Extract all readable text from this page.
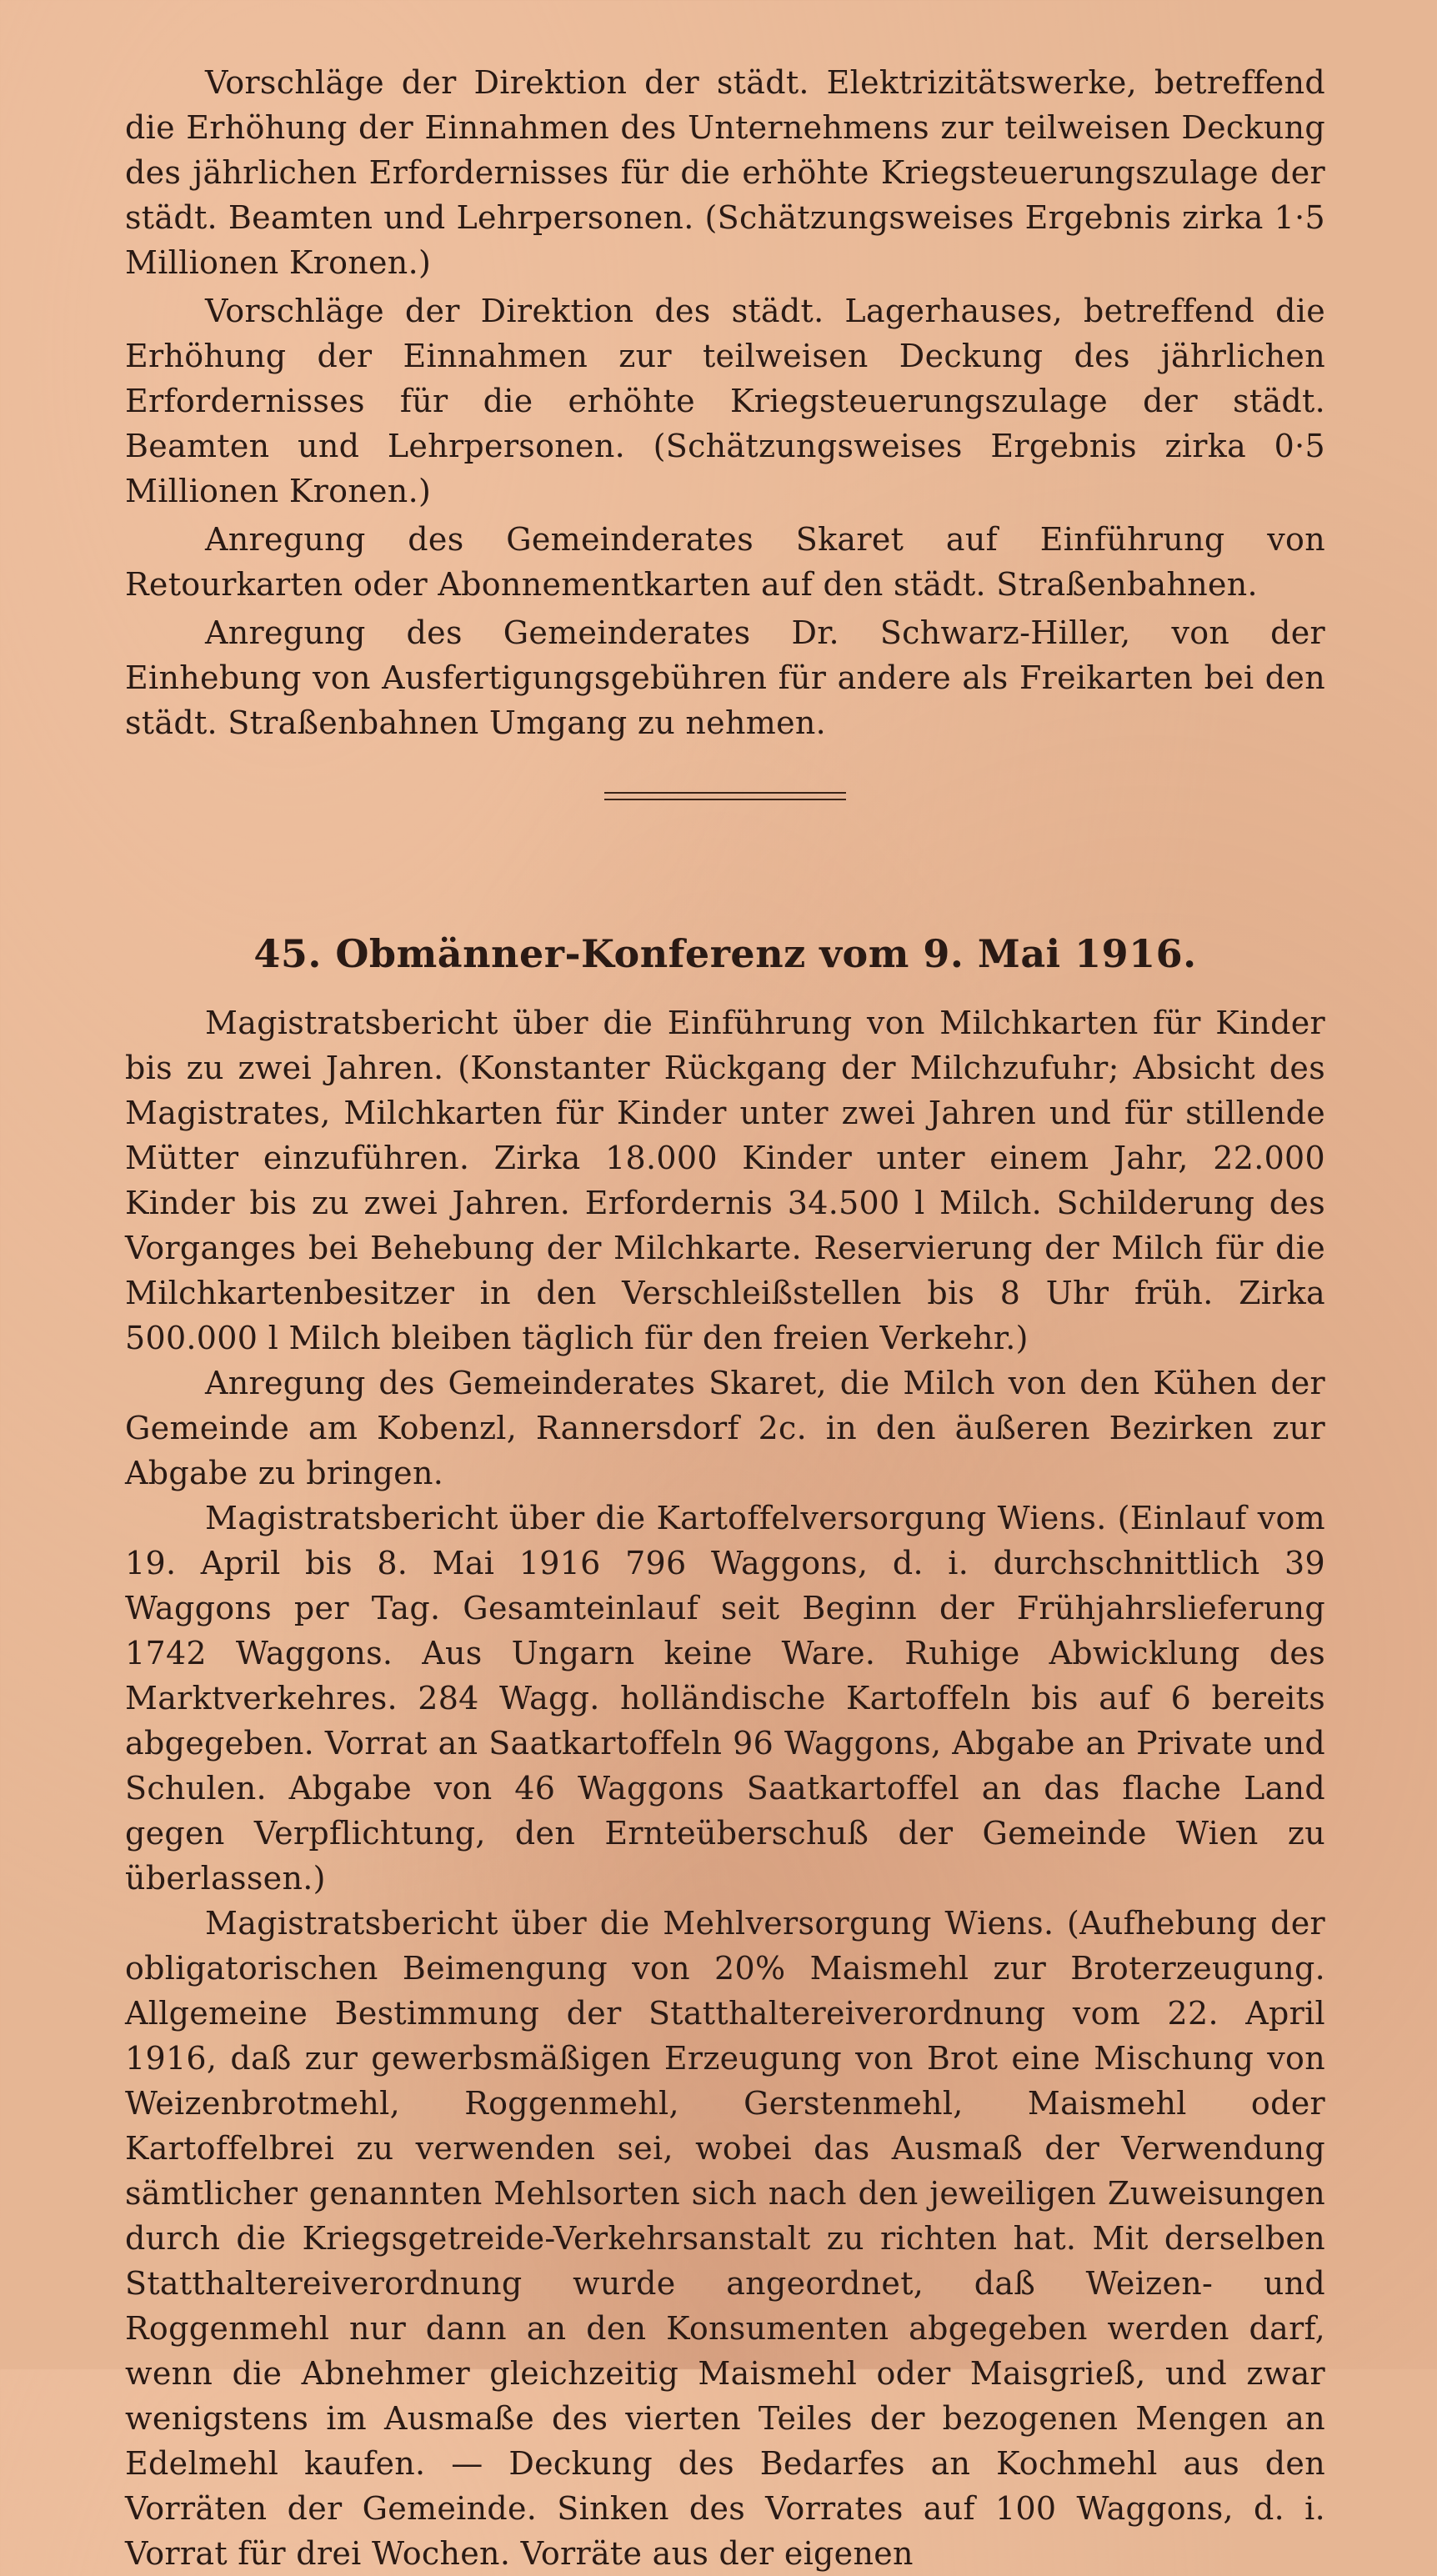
Vorschläge der Direktion der städt. Elektrizitätswerke, betreffend die Erhöhung der Einnahmen des Unternehmens zur teilweisen Deckung des jährlichen Erfordernisses für die erhöhte Kriegsteuerungszulage der städt. Beamten und Lehrpersonen. (Schätzungsweises Ergebnis zirka 1·5 Millionen Kronen.)

Vorschläge der Direktion des städt. Lagerhauses, betreffend die Erhöhung der Einnahmen zur teilweisen Deckung des jährlichen Erfordernisses für die erhöhte Kriegsteuerungszulage der städt. Beamten und Lehrpersonen. (Schätzungsweises Ergebnis zirka 0·5 Millionen Kronen.)

Anregung des Gemeinderates Skaret auf Einführung von Retourkarten oder Abonnementkarten auf den städt. Straßenbahnen.

Anregung des Gemeinderates Dr. Schwarz-Hiller, von der Einhebung von Ausfertigungsgebühren für andere als Freikarten bei den städt. Straßenbahnen Umgang zu nehmen.

45. Obmänner-Konferenz vom 9. Mai 1916.

Magistratsbericht über die Einführung von Milchkarten für Kinder bis zu zwei Jahren. (Konstanter Rückgang der Milchzufuhr; Absicht des Magistrates, Milchkarten für Kinder unter zwei Jahren und für stillende Mütter einzuführen. Zirka 18.000 Kinder unter einem Jahr, 22.000 Kinder bis zu zwei Jahren. Erfordernis 34.500 l Milch. Schilderung des Vorganges bei Behebung der Milchkarte. Reservierung der Milch für die Milchkartenbesitzer in den Verschleißstellen bis 8 Uhr früh. Zirka 500.000 l Milch bleiben täglich für den freien Verkehr.)

Anregung des Gemeinderates Skaret, die Milch von den Kühen der Gemeinde am Kobenzl, Rannersdorf 2c. in den äußeren Bezirken zur Abgabe zu bringen.

Magistratsbericht über die Kartoffelversorgung Wiens. (Einlauf vom 19. April bis 8. Mai 1916 796 Waggons, d. i. durchschnittlich 39 Waggons per Tag. Gesamteinlauf seit Beginn der Frühjahrslieferung 1742 Waggons. Aus Ungarn keine Ware. Ruhige Abwicklung des Marktverkehres. 284 Wagg. holländische Kartoffeln bis auf 6 bereits abgegeben. Vorrat an Saatkartoffeln 96 Waggons, Abgabe an Private und Schulen. Abgabe von 46 Waggons Saatkartoffel an das flache Land gegen Verpflichtung, den Ernteüberschuß der Gemeinde Wien zu überlassen.)

Magistratsbericht über die Mehlversorgung Wiens. (Aufhebung der obligatorischen Beimengung von 20% Maismehl zur Broterzeugung. Allgemeine Bestimmung der Statthaltereiverordnung vom 22. April 1916, daß zur gewerbsmäßigen Erzeugung von Brot eine Mischung von Weizenbrotmehl, Roggenmehl, Gerstenmehl, Maismehl oder Kartoffelbrei zu verwenden sei, wobei das Ausmaß der Verwendung sämtlicher genannten Mehlsorten sich nach den jeweiligen Zuweisungen durch die Kriegsgetreide-Verkehrsanstalt zu richten hat. Mit derselben Statthaltereiverordnung wurde angeordnet, daß Weizen- und Roggenmehl nur dann an den Konsumenten abgegeben werden darf, wenn die Abnehmer gleichzeitig Maismehl oder Maisgrieß, und zwar wenigstens im Ausmaße des vierten Teiles der bezogenen Mengen an Edelmehl kaufen. — Deckung des Bedarfes an Kochmehl aus den Vorräten der Gemeinde. Sinken des Vorrates auf 100 Waggons, d. i. Vorrat für drei Wochen. Vorräte aus der eigenen
